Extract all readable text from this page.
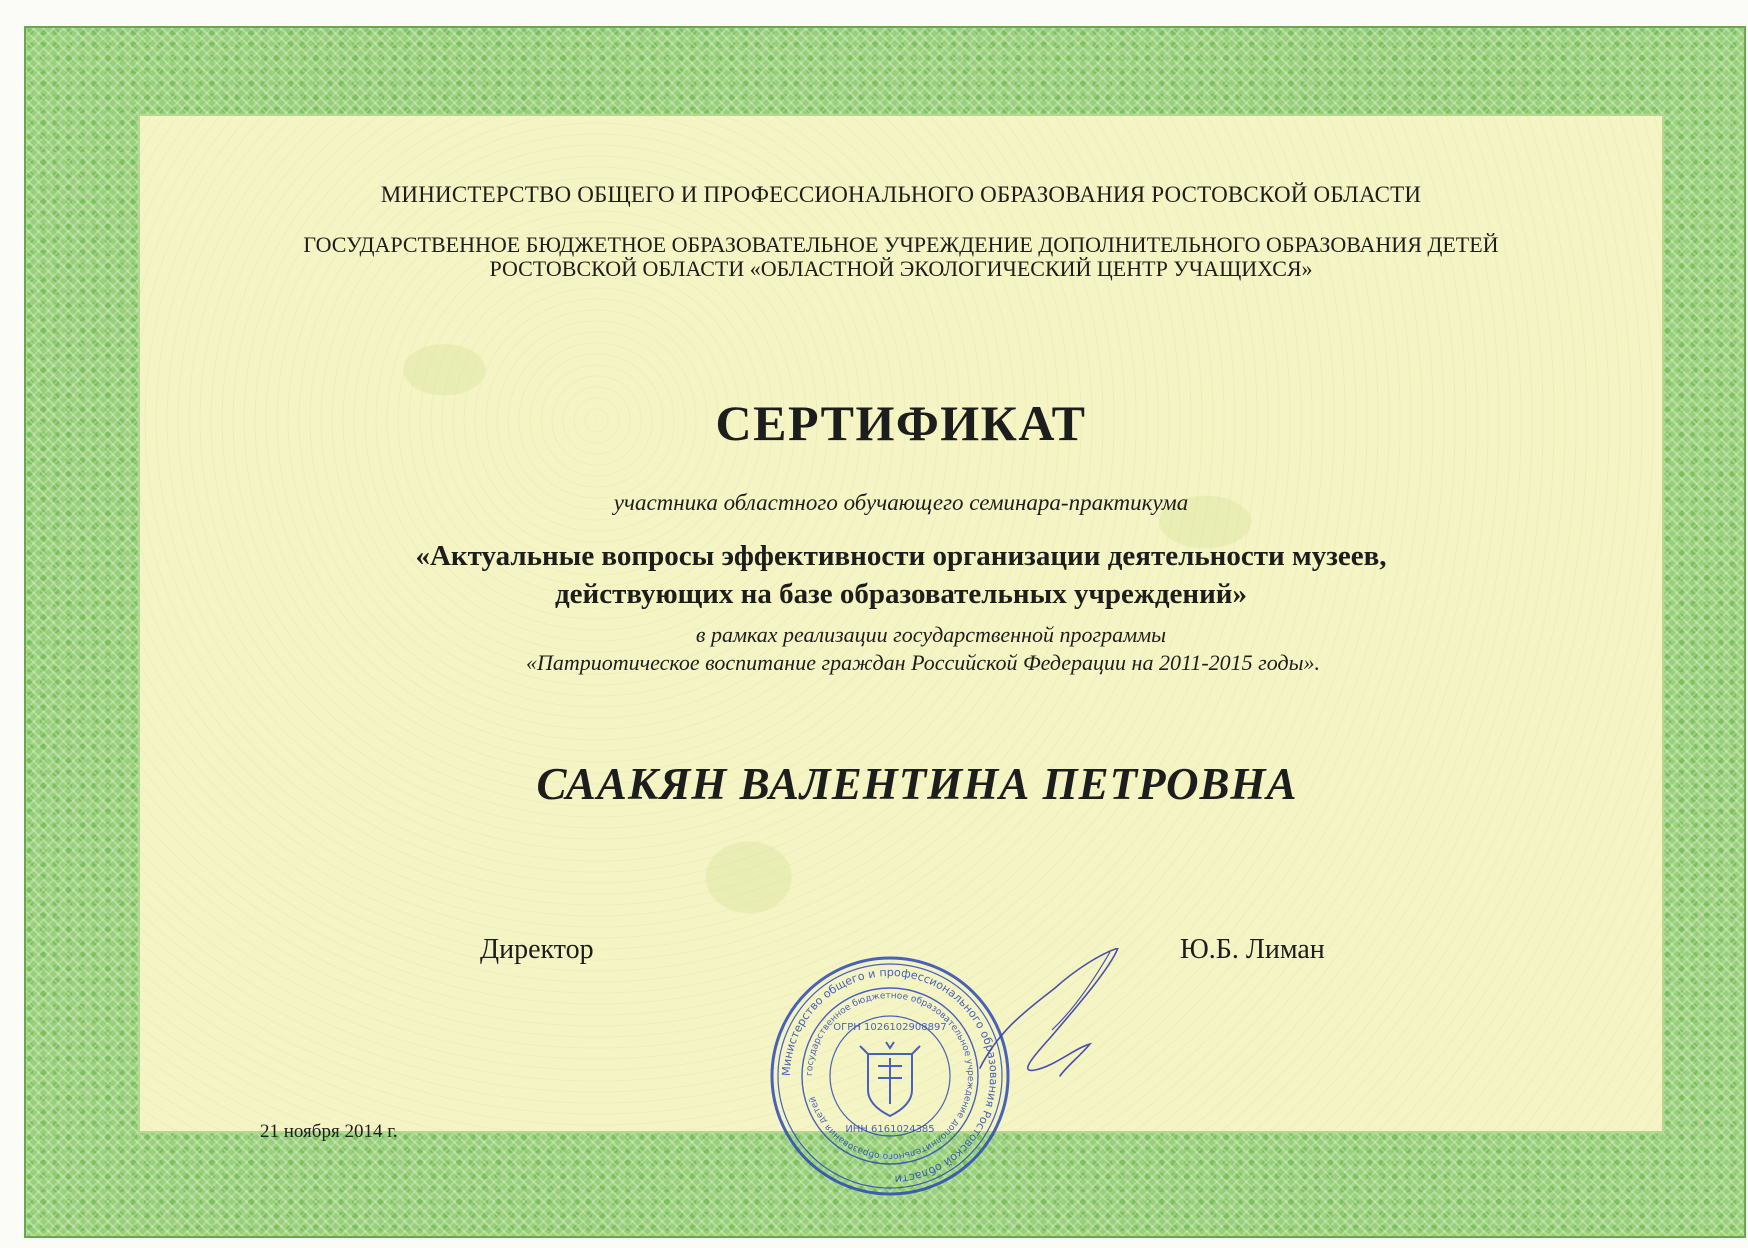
МИНИСТЕРСТВО ОБЩЕГО И ПРОФЕССИОНАЛЬНОГО ОБРАЗОВАНИЯ РОСТОВСКОЙ ОБЛАСТИ
ГОСУДАРСТВЕННОЕ БЮДЖЕТНОЕ ОБРАЗОВАТЕЛЬНОЕ УЧРЕЖДЕНИЕ ДОПОЛНИТЕЛЬНОГО ОБРАЗОВАНИЯ ДЕТЕЙ
РОСТОВСКОЙ ОБЛАСТИ «ОБЛАСТНОЙ ЭКОЛОГИЧЕСКИЙ ЦЕНТР УЧАЩИХСЯ»
СЕРТИФИКАТ
участника областного обучающего семинара-практикума
«Актуальные вопросы эффективности организации деятельности музеев,
действующих на базе образовательных учреждений»
в рамках реализации государственной программы
«Патриотическое воспитание граждан Российской Федерации на 2011-2015 годы».
СААКЯН ВАЛЕНТИНА ПЕТРОВНА
Директор	Ю.Б. Лиман
21 ноября 2014 г.
Министерство общего и профессионального образования Ростовской области
государственное бюджетное образовательное учреждение дополнительного образования детей
ОГРН 1026102908897
ИНН 6161024385
